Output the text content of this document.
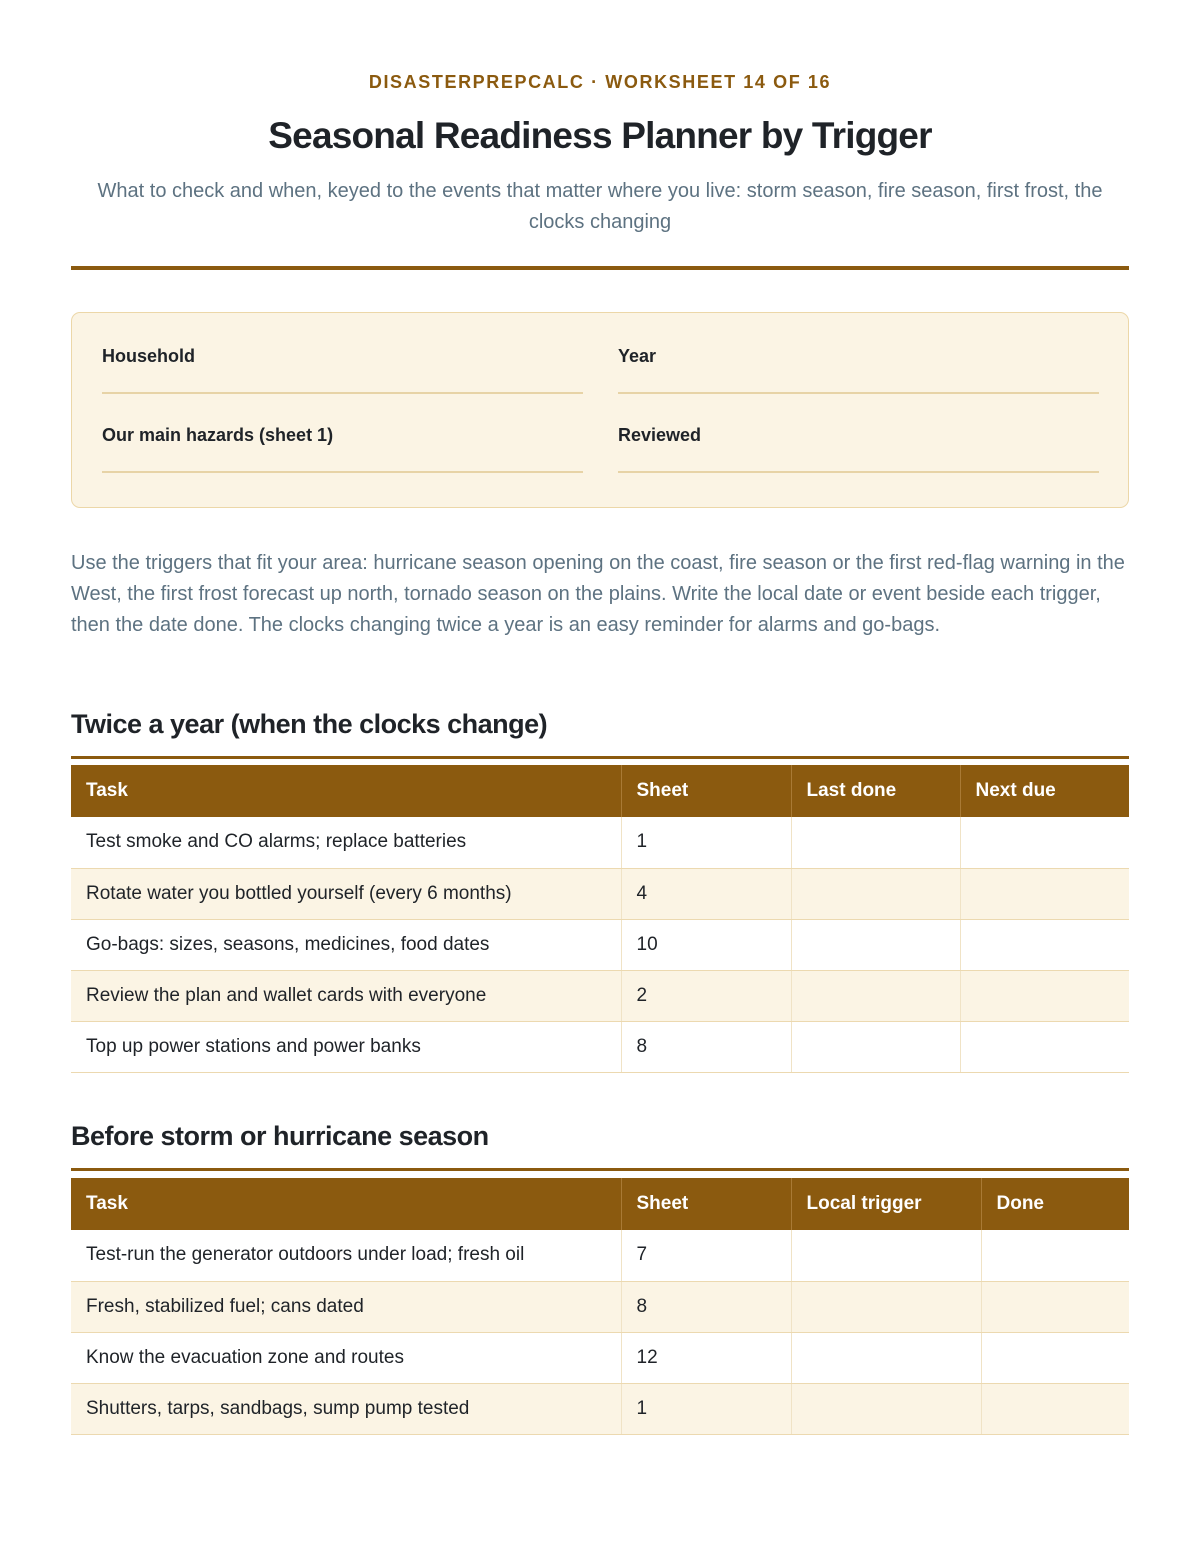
DISASTERPREPCALC · WORKSHEET 14 OF 16
Seasonal Readiness Planner by Trigger

What to check and when, keyed to the events that matter where you live: storm season, fire season, first frost, the clocks changing

Household	Year
Our main hazards (sheet 1)	Reviewed

Use the triggers that fit your area: hurricane season opening on the coast, fire season or the first red-flag warning in the West, the first frost forecast up north, tornado season on the plains. Write the local date or event beside each trigger, then the date done. The clocks changing twice a year is an easy reminder for alarms and go-bags.

Twice a year (when the clocks change)
Task	Sheet	Last done	Next due
Test smoke and CO alarms; replace batteries	1		
Rotate water you bottled yourself (every 6 months)	4		
Go-bags: sizes, seasons, medicines, food dates	10		
Review the plan and wallet cards with everyone	2		
Top up power stations and power banks	8		
Before storm or hurricane season
Task	Sheet	Local trigger	Done
Test-run the generator outdoors under load; fresh oil	7		
Fresh, stabilized fuel; cans dated	8		
Know the evacuation zone and routes	12		
Shutters, tarps, sandbags, sump pump tested	1		
